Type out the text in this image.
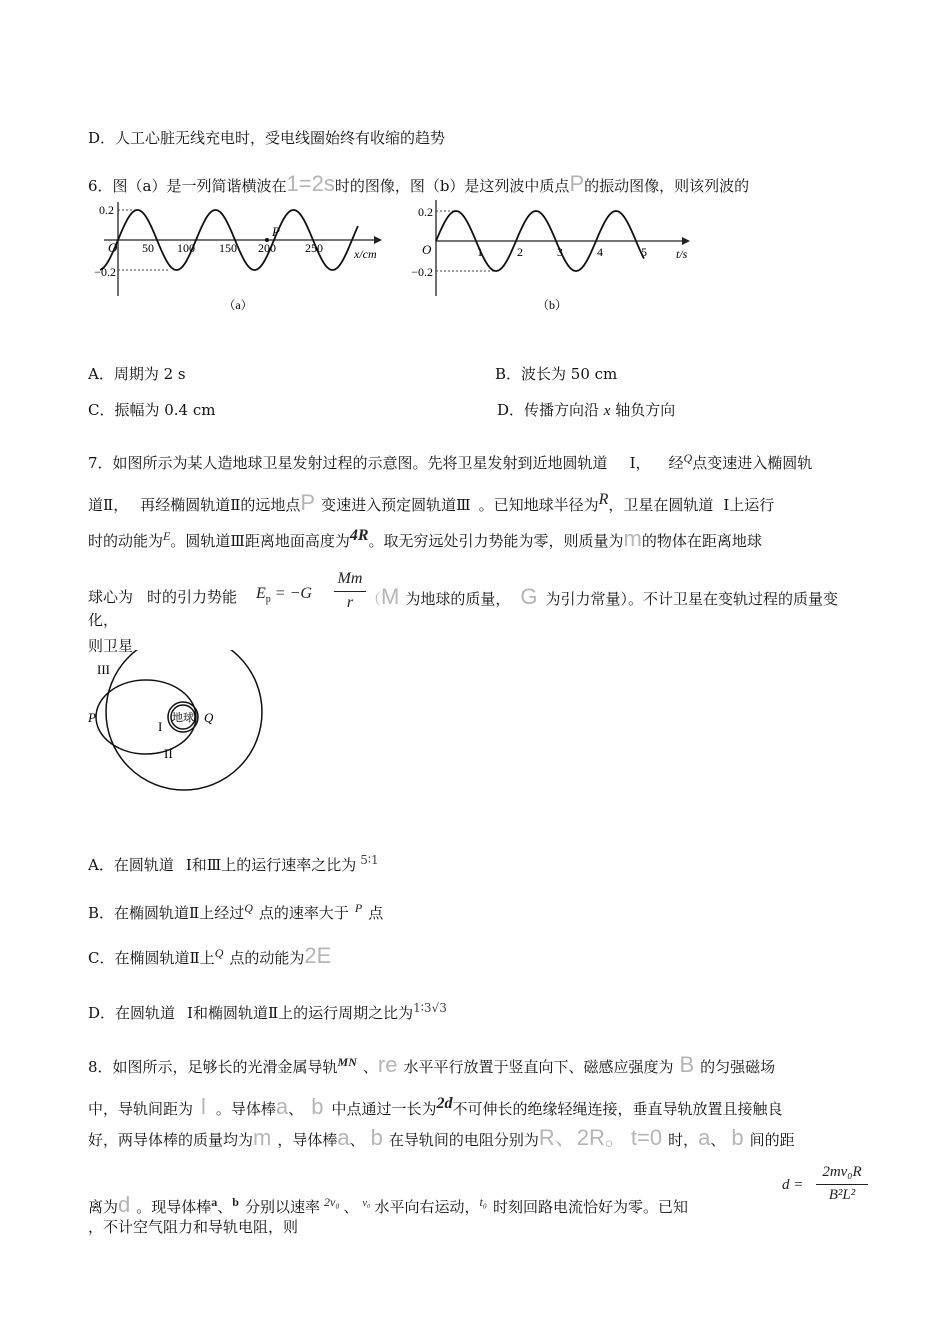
D．人工心脏无线充电时，受电线圈始终有收缩的趋势
6．图（a）是一列简谐横波在1=2s时的图像，图（b）是这列波中质点P的振动图像，则该列波的
0.2
−0.2
O 50 100 150 200 250
P
x/cm
（a）
0.2
−0.2
O	1	2	3	4	5 t/s
（b）
A．周期为 2 s	B．波长为 50 cm
C．振幅为 0.4 cm	D．传播方向沿 x 轴负方向
7．如图所示为某人造地球卫星发射过程的示意图。先将卫星发射到近地圆轨道 Ⅰ， 经$^Q$点变速进入椭圆轨
道Ⅱ， 再经椭圆轨道Ⅱ的远地点P 变速进入预定圆轨道Ⅲ 。已知地球半径为$^R$，卫星在圆轨道 Ⅰ上运行
时的动能为$^E$。圆轨道Ⅲ距离地面高度为$^{4R}$。取无穷远处引力势能为零，则质量为m的物体在距离地球
球心为 时的引力势能 $E_p = -G$
Mm
r （M 为地球的质量， G 为引力常量）。不计卫星在变轨过程的质量变
化，
则卫星
地球
III
P	Q
I
II
A．在圆轨道 Ⅰ和Ⅲ上的运行速率之比为 $^{5∶1}$
B．在椭圆轨道Ⅱ上经过$^Q$ 点的速率大于 $^P$ 点
C．在椭圆轨道Ⅱ上$^Q$ 点的动能为2E
D．在圆轨道 Ⅰ和椭圆轨道Ⅱ上的运行周期之比为$^{1∶3√3}$
8．如图所示，足够长的光滑金属导轨$^{MN}$ 、re 水平平行放置于竖直向下、磁感应强度为 B 的匀强磁场
中，导轨间距为 l 。导体棒a、 b 中点通过一长为$^{2d}$不可伸长的绝缘轻绳连接，垂直导轨放置且接触良
好，两导体棒的质量均为m ，导体棒a、 b 在导轨间的电阻分别为R、2R。 t=0 时，a、 b 间的距
离为d 。现导体棒$^a$、$^b$ 分别以速率 $^{2v_0}$ 、 $^{v_0}$ 水平向右运动，$^{t_0}$ 时刻回路电流恰好为零。已知
d =
2mv₀R
B²L²
，不计空气阻力和导轨电阻，则
